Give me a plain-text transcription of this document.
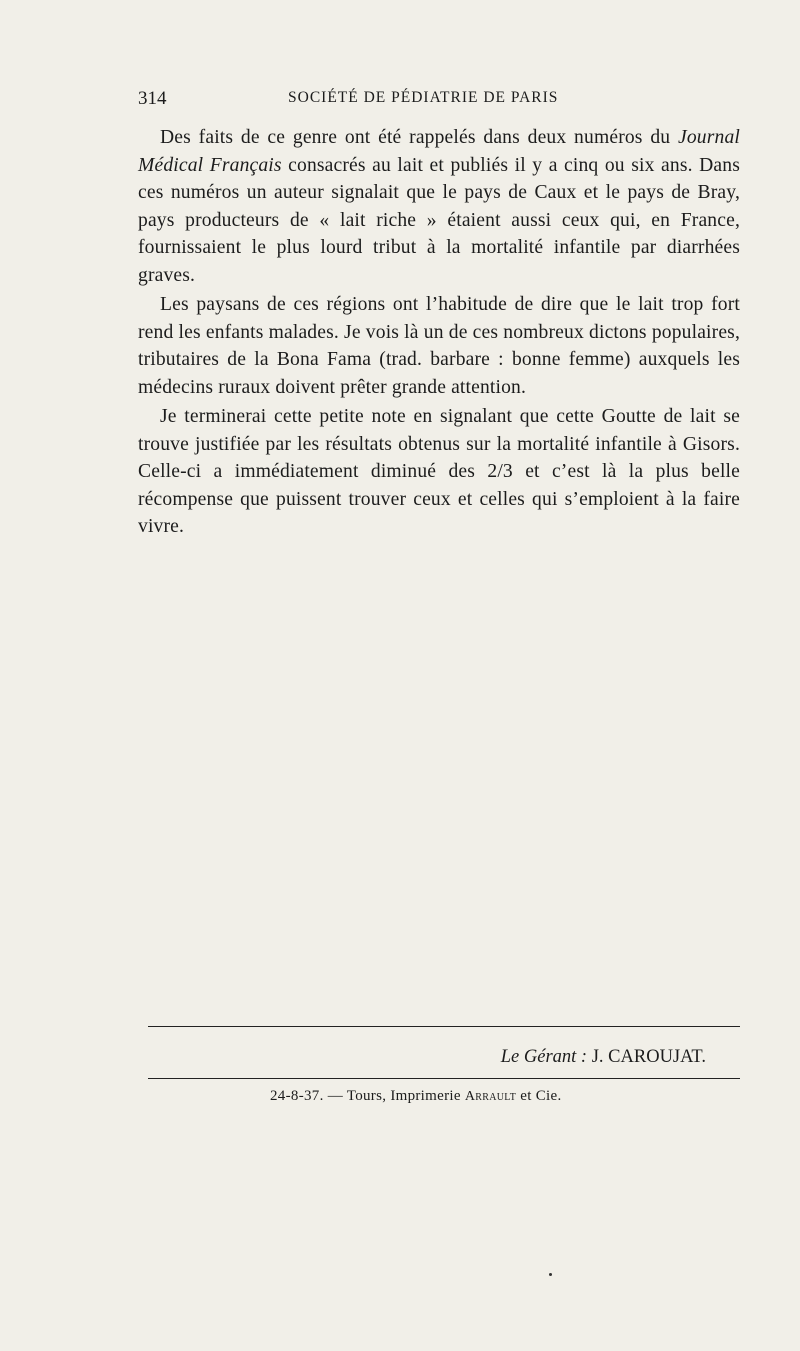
314	SOCIÉTÉ DE PÉDIATRIE DE PARIS

Des faits de ce genre ont été rappelés dans deux numéros du Journal Médical Français consacrés au lait et publiés il y a cinq ou six ans. Dans ces numéros un auteur signalait que le pays de Caux et le pays de Bray, pays producteurs de « lait riche » étaient aussi ceux qui, en France, fournissaient le plus lourd tribut à la mortalité infantile par diarrhées graves.

Les paysans de ces régions ont l’habitude de dire que le lait trop fort rend les enfants malades. Je vois là un de ces nombreux dictons populaires, tributaires de la Bona Fama (trad. barbare : bonne femme) auxquels les médecins ruraux doivent prêter grande attention.

Je terminerai cette petite note en signalant que cette Goutte de lait se trouve justifiée par les résultats obtenus sur la mortalité infantile à Gisors. Celle-ci a immédiatement diminué des 2/3 et c’est là la plus belle récompense que puissent trouver ceux et celles qui s’emploient à la faire vivre.

Le Gérant : J. CAROUJAT.
24-8-37. — Tours, Imprimerie Arrault et Cie.
